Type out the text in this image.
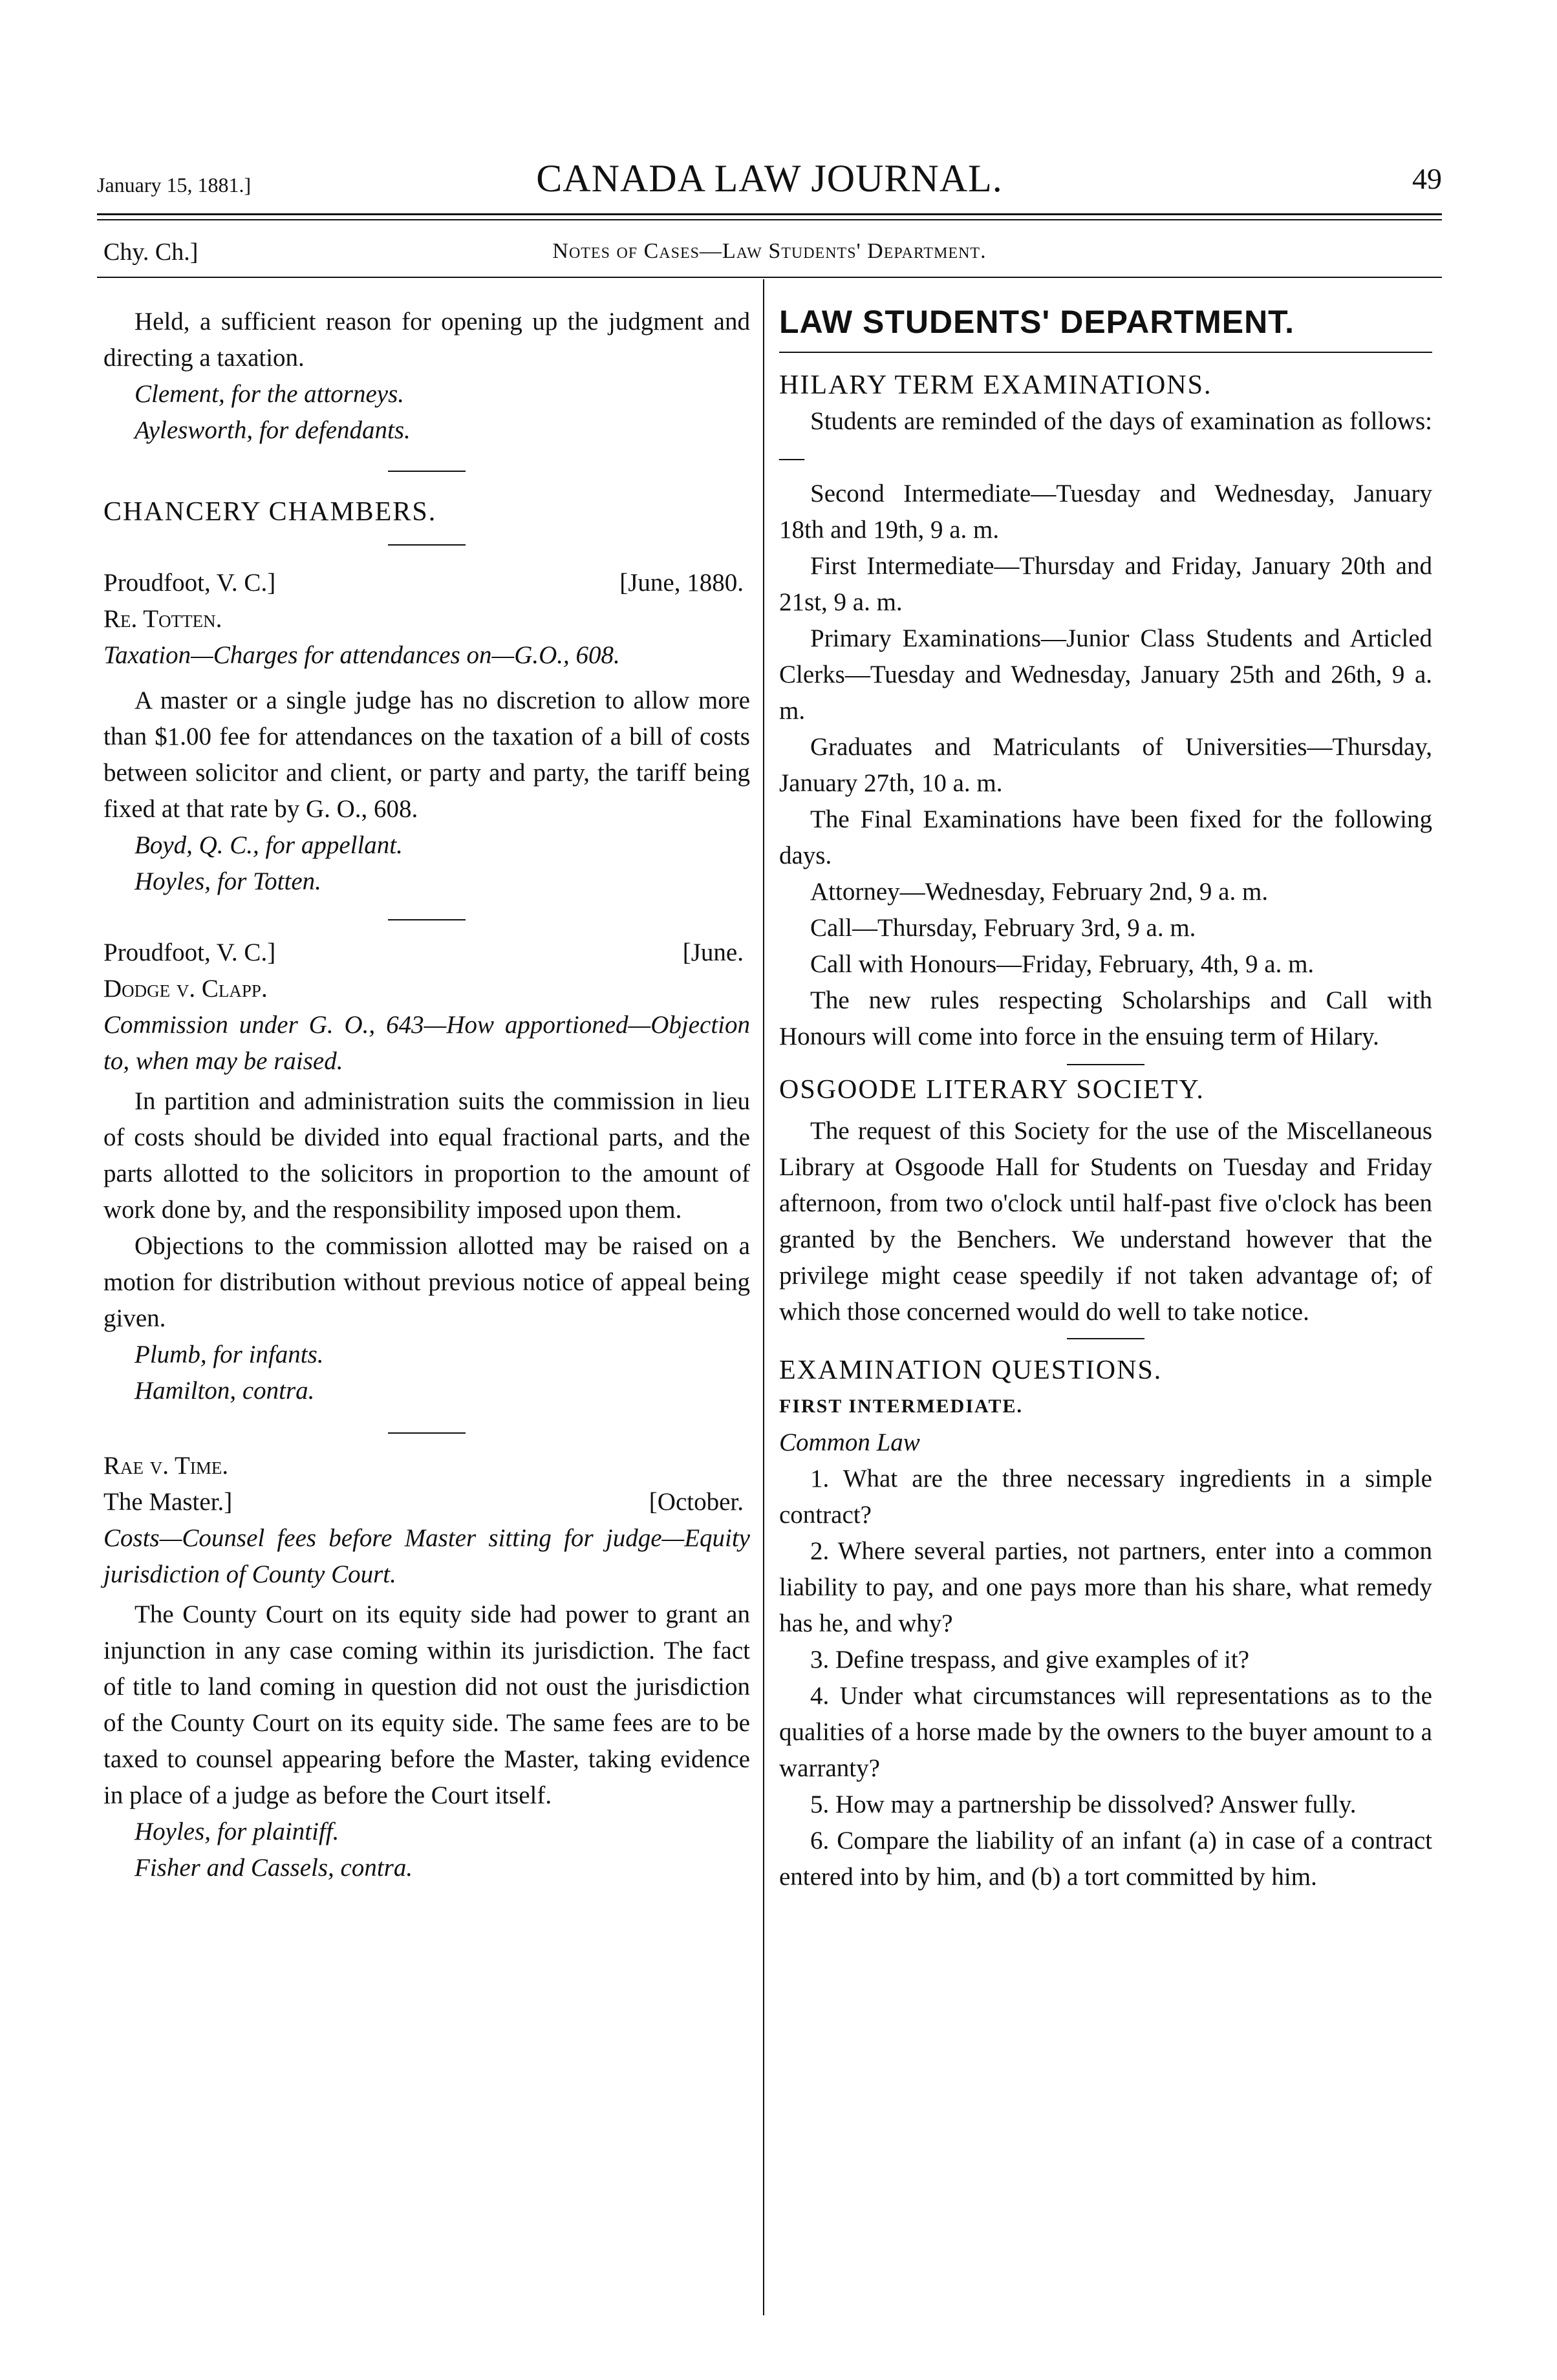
January 15, 1881.]	CANADA LAW JOURNAL.	49
Chy. Ch.]	Notes of Cases—Law Students' Department.

Held, a sufficient reason for opening up the judgment and directing a taxation.

Clement, for the attorneys.

Aylesworth, for defendants.

CHANCERY CHAMBERS.

Proudfoot, V. C.]	[June, 1880.

Re. Totten.

Taxation—Charges for attendances on—G.O., 608.

A master or a single judge has no discretion to allow more than $1.00 fee for attendances on the taxation of a bill of costs between solicitor and client, or party and party, the tariff being fixed at that rate by G. O., 608.

Boyd, Q. C., for appellant.

Hoyles, for Totten.

Proudfoot, V. C.]	[June.

Dodge v. Clapp.

Commission under G. O., 643—How apportioned—Objection to, when may be raised.

In partition and administration suits the commission in lieu of costs should be divided into equal fractional parts, and the parts allotted to the solicitors in proportion to the amount of work done by, and the responsibility imposed upon them.

Objections to the commission allotted may be raised on a motion for distribution without previous notice of appeal being given.

Plumb, for infants.

Hamilton, contra.

Rae v. Time.

The Master.]	[October.

Costs—Counsel fees before Master sitting for judge—Equity jurisdiction of County Court.

The County Court on its equity side had power to grant an injunction in any case coming within its jurisdiction. The fact of title to land coming in question did not oust the jurisdiction of the County Court on its equity side. The same fees are to be taxed to counsel appearing before the Master, taking evidence in place of a judge as before the Court itself.

Hoyles, for plaintiff.

Fisher and Cassels, contra.

LAW STUDENTS' DEPARTMENT.

HILARY TERM EXAMINATIONS.

Students are reminded of the days of examination as follows:—

Second Intermediate—Tuesday and Wednesday, January 18th and 19th, 9 a. m.

First Intermediate—Thursday and Friday, January 20th and 21st, 9 a. m.

Primary Examinations—Junior Class Students and Articled Clerks—Tuesday and Wednesday, January 25th and 26th, 9 a. m.

Graduates and Matriculants of Universities—Thursday, January 27th, 10 a. m.

The Final Examinations have been fixed for the following days.

Attorney—Wednesday, February 2nd, 9 a. m.

Call—Thursday, February 3rd, 9 a. m.

Call with Honours—Friday, February, 4th, 9 a. m.

The new rules respecting Scholarships and Call with Honours will come into force in the ensuing term of Hilary.

OSGOODE LITERARY SOCIETY.

The request of this Society for the use of the Miscellaneous Library at Osgoode Hall for Students on Tuesday and Friday afternoon, from two o'clock until half-past five o'clock has been granted by the Benchers. We understand however that the privilege might cease speedily if not taken advantage of; of which those concerned would do well to take notice.

EXAMINATION QUESTIONS.

FIRST INTERMEDIATE.

Common Law

1. What are the three necessary ingredients in a simple contract?

2. Where several parties, not partners, enter into a common liability to pay, and one pays more than his share, what remedy has he, and why?

3. Define trespass, and give examples of it?

4. Under what circumstances will representations as to the qualities of a horse made by the owners to the buyer amount to a warranty?

5. How may a partnership be dissolved? Answer fully.

6. Compare the liability of an infant (a) in case of a contract entered into by him, and (b) a tort committed by him.
